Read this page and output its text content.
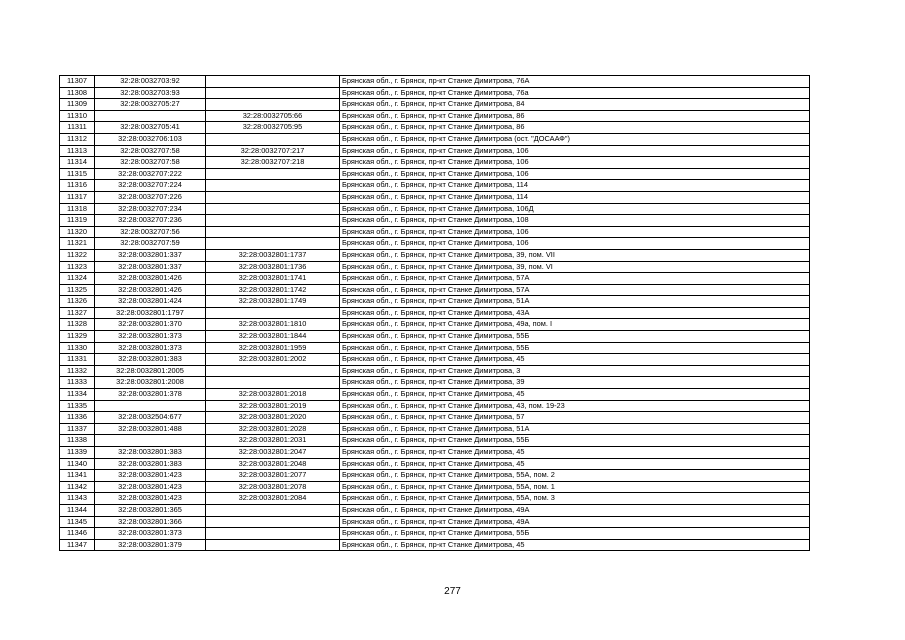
11307	32:28:0032703:92		Брянская обл., г. Брянск, пр-кт Станке Димитрова, 76А
11308	32:28:0032703:93		Брянская обл., г. Брянск, пр-кт Станке Димитрова, 76а
11309	32:28:0032705:27		Брянская обл., г. Брянск, пр-кт Станке Димитрова, 84
11310		32:28:0032705:66	Брянская обл., г. Брянск, пр-кт Станке Димитрова, 86
11311	32:28:0032705:41	32:28:0032705:95	Брянская обл., г. Брянск, пр-кт Станке Димитрова, 86
11312	32:28:0032706:103		Брянская обл., г. Брянск, пр-кт Станке Димитрова (ост. "ДОСААФ")
11313	32:28:0032707:58	32:28:0032707:217	Брянская обл., г. Брянск, пр-кт Станке Димитрова, 106
11314	32:28:0032707:58	32:28:0032707:218	Брянская обл., г. Брянск, пр-кт Станке Димитрова, 106
11315	32:28:0032707:222		Брянская обл., г. Брянск, пр-кт Станке Димитрова, 106
11316	32:28:0032707:224		Брянская обл., г. Брянск, пр-кт Станке Димитрова, 114
11317	32:28:0032707:226		Брянская обл., г. Брянск, пр-кт Станке Димитрова, 114
11318	32:28:0032707:234		Брянская обл., г. Брянск, пр-кт Станке Димитрова, 106Д
11319	32:28:0032707:236		Брянская обл., г. Брянск, пр-кт Станке Димитрова, 108
11320	32:28:0032707:56		Брянская обл., г. Брянск, пр-кт Станке Димитрова, 106
11321	32:28:0032707:59		Брянская обл., г. Брянск, пр-кт Станке Димитрова, 106
11322	32:28:0032801:337	32:28:0032801:1737	Брянская обл., г. Брянск, пр-кт Станке Димитрова, 39, пом. VII
11323	32:28:0032801:337	32:28:0032801:1736	Брянская обл., г. Брянск, пр-кт Станке Димитрова, 39, пом. VI
11324	32:28:0032801:426	32:28:0032801:1741	Брянская обл., г. Брянск, пр-кт Станке Димитрова, 57А
11325	32:28:0032801:426	32:28:0032801:1742	Брянская обл., г. Брянск, пр-кт Станке Димитрова, 57А
11326	32:28:0032801:424	32:28:0032801:1749	Брянская обл., г. Брянск, пр-кт Станке Димитрова, 51А
11327	32:28:0032801:1797		Брянская обл., г. Брянск, пр-кт Станке Димитрова, 43А
11328	32:28:0032801:370	32:28:0032801:1810	Брянская обл., г. Брянск, пр-кт Станке Димитрова, 49а, пом. I
11329	32:28:0032801:373	32:28:0032801:1844	Брянская обл., г. Брянск, пр-кт Станке Димитрова, 55Б
11330	32:28:0032801:373	32:28:0032801:1959	Брянская обл., г. Брянск, пр-кт Станке Димитрова, 55Б
11331	32:28:0032801:383	32:28:0032801:2002	Брянская обл., г. Брянск, пр-кт Станке Димитрова, 45
11332	32:28:0032801:2005		Брянская обл., г. Брянск, пр-кт Станке Димитрова, 3
11333	32:28:0032801:2008		Брянская обл., г. Брянск, пр-кт Станке Димитрова, 39
11334	32:28:0032801:378	32:28:0032801:2018	Брянская обл., г. Брянск, пр-кт Станке Димитрова, 45
11335		32:28:0032801:2019	Брянская обл., г. Брянск, пр-кт Станке Димитрова, 43, пом. 19-23
11336	32:28:0032504:677	32:28:0032801:2020	Брянская обл., г. Брянск, пр-кт Станке Димитрова, 57
11337	32:28:0032801:488	32:28:0032801:2028	Брянская обл., г. Брянск, пр-кт Станке Димитрова, 51А
11338		32:28:0032801:2031	Брянская обл., г. Брянск, пр-кт Станке Димитрова, 55Б
11339	32:28:0032801:383	32:28:0032801:2047	Брянская обл., г. Брянск, пр-кт Станке Димитрова, 45
11340	32:28:0032801:383	32:28:0032801:2048	Брянская обл., г. Брянск, пр-кт Станке Димитрова, 45
11341	32:28:0032801:423	32:28:0032801:2077	Брянская обл., г. Брянск, пр-кт Станке Димитрова, 55А, пом. 2
11342	32:28:0032801:423	32:28:0032801:2078	Брянская обл., г. Брянск, пр-кт Станке Димитрова, 55А, пом. 1
11343	32:28:0032801:423	32:28:0032801:2084	Брянская обл., г. Брянск, пр-кт Станке Димитрова, 55А, пом. 3
11344	32:28:0032801:365		Брянская обл., г. Брянск, пр-кт Станке Димитрова, 49А
11345	32:28:0032801:366		Брянская обл., г. Брянск, пр-кт Станке Димитрова, 49А
11346	32:28:0032801:373		Брянская обл., г. Брянск, пр-кт Станке Димитрова, 55Б
11347	32:28:0032801:379		Брянская обл., г. Брянск, пр-кт Станке Димитрова, 45
277
